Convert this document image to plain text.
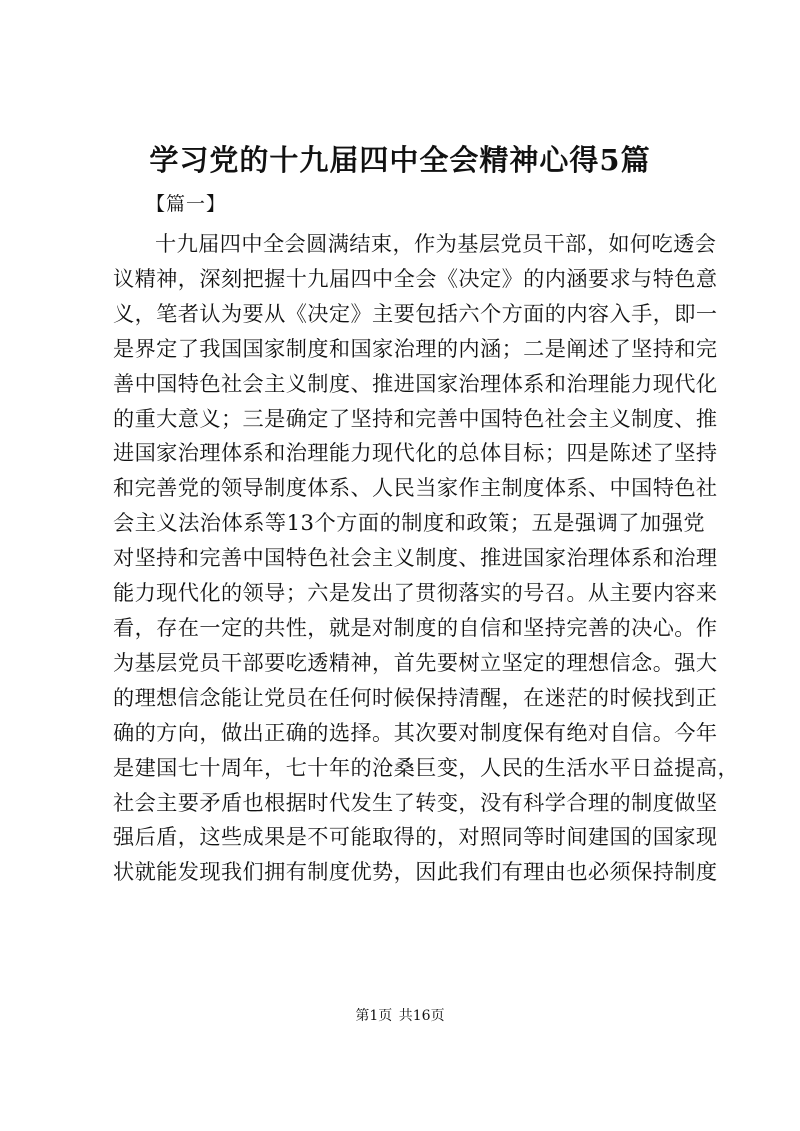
学习党的十九届四中全会精神心得5篇
【篇一】
十九届四中全会圆满结束，作为基层党员干部，如何吃透会
议精神，深刻把握十九届四中全会《决定》的内涵要求与特色意
义，笔者认为要从《决定》主要包括六个方面的内容入手，即一
是界定了我国国家制度和国家治理的内涵；二是阐述了坚持和完
善中国特色社会主义制度、推进国家治理体系和治理能力现代化
的重大意义；三是确定了坚持和完善中国特色社会主义制度、推
进国家治理体系和治理能力现代化的总体目标；四是陈述了坚持
和完善党的领导制度体系、人民当家作主制度体系、中国特色社
会主义法治体系等13个方面的制度和政策；五是强调了加强党
对坚持和完善中国特色社会主义制度、推进国家治理体系和治理
能力现代化的领导；六是发出了贯彻落实的号召。从主要内容来
看，存在一定的共性，就是对制度的自信和坚持完善的决心。作
为基层党员干部要吃透精神，首先要树立坚定的理想信念。强大
的理想信念能让党员在任何时候保持清醒，在迷茫的时候找到正
确的方向，做出正确的选择。其次要对制度保有绝对自信。今年
是建国七十周年，七十年的沧桑巨变，人民的生活水平日益提高，
社会主要矛盾也根据时代发生了转变，没有科学合理的制度做坚
强后盾，这些成果是不可能取得的，对照同等时间建国的国家现
状就能发现我们拥有制度优势，因此我们有理由也必须保持制度
第1页 共16页
